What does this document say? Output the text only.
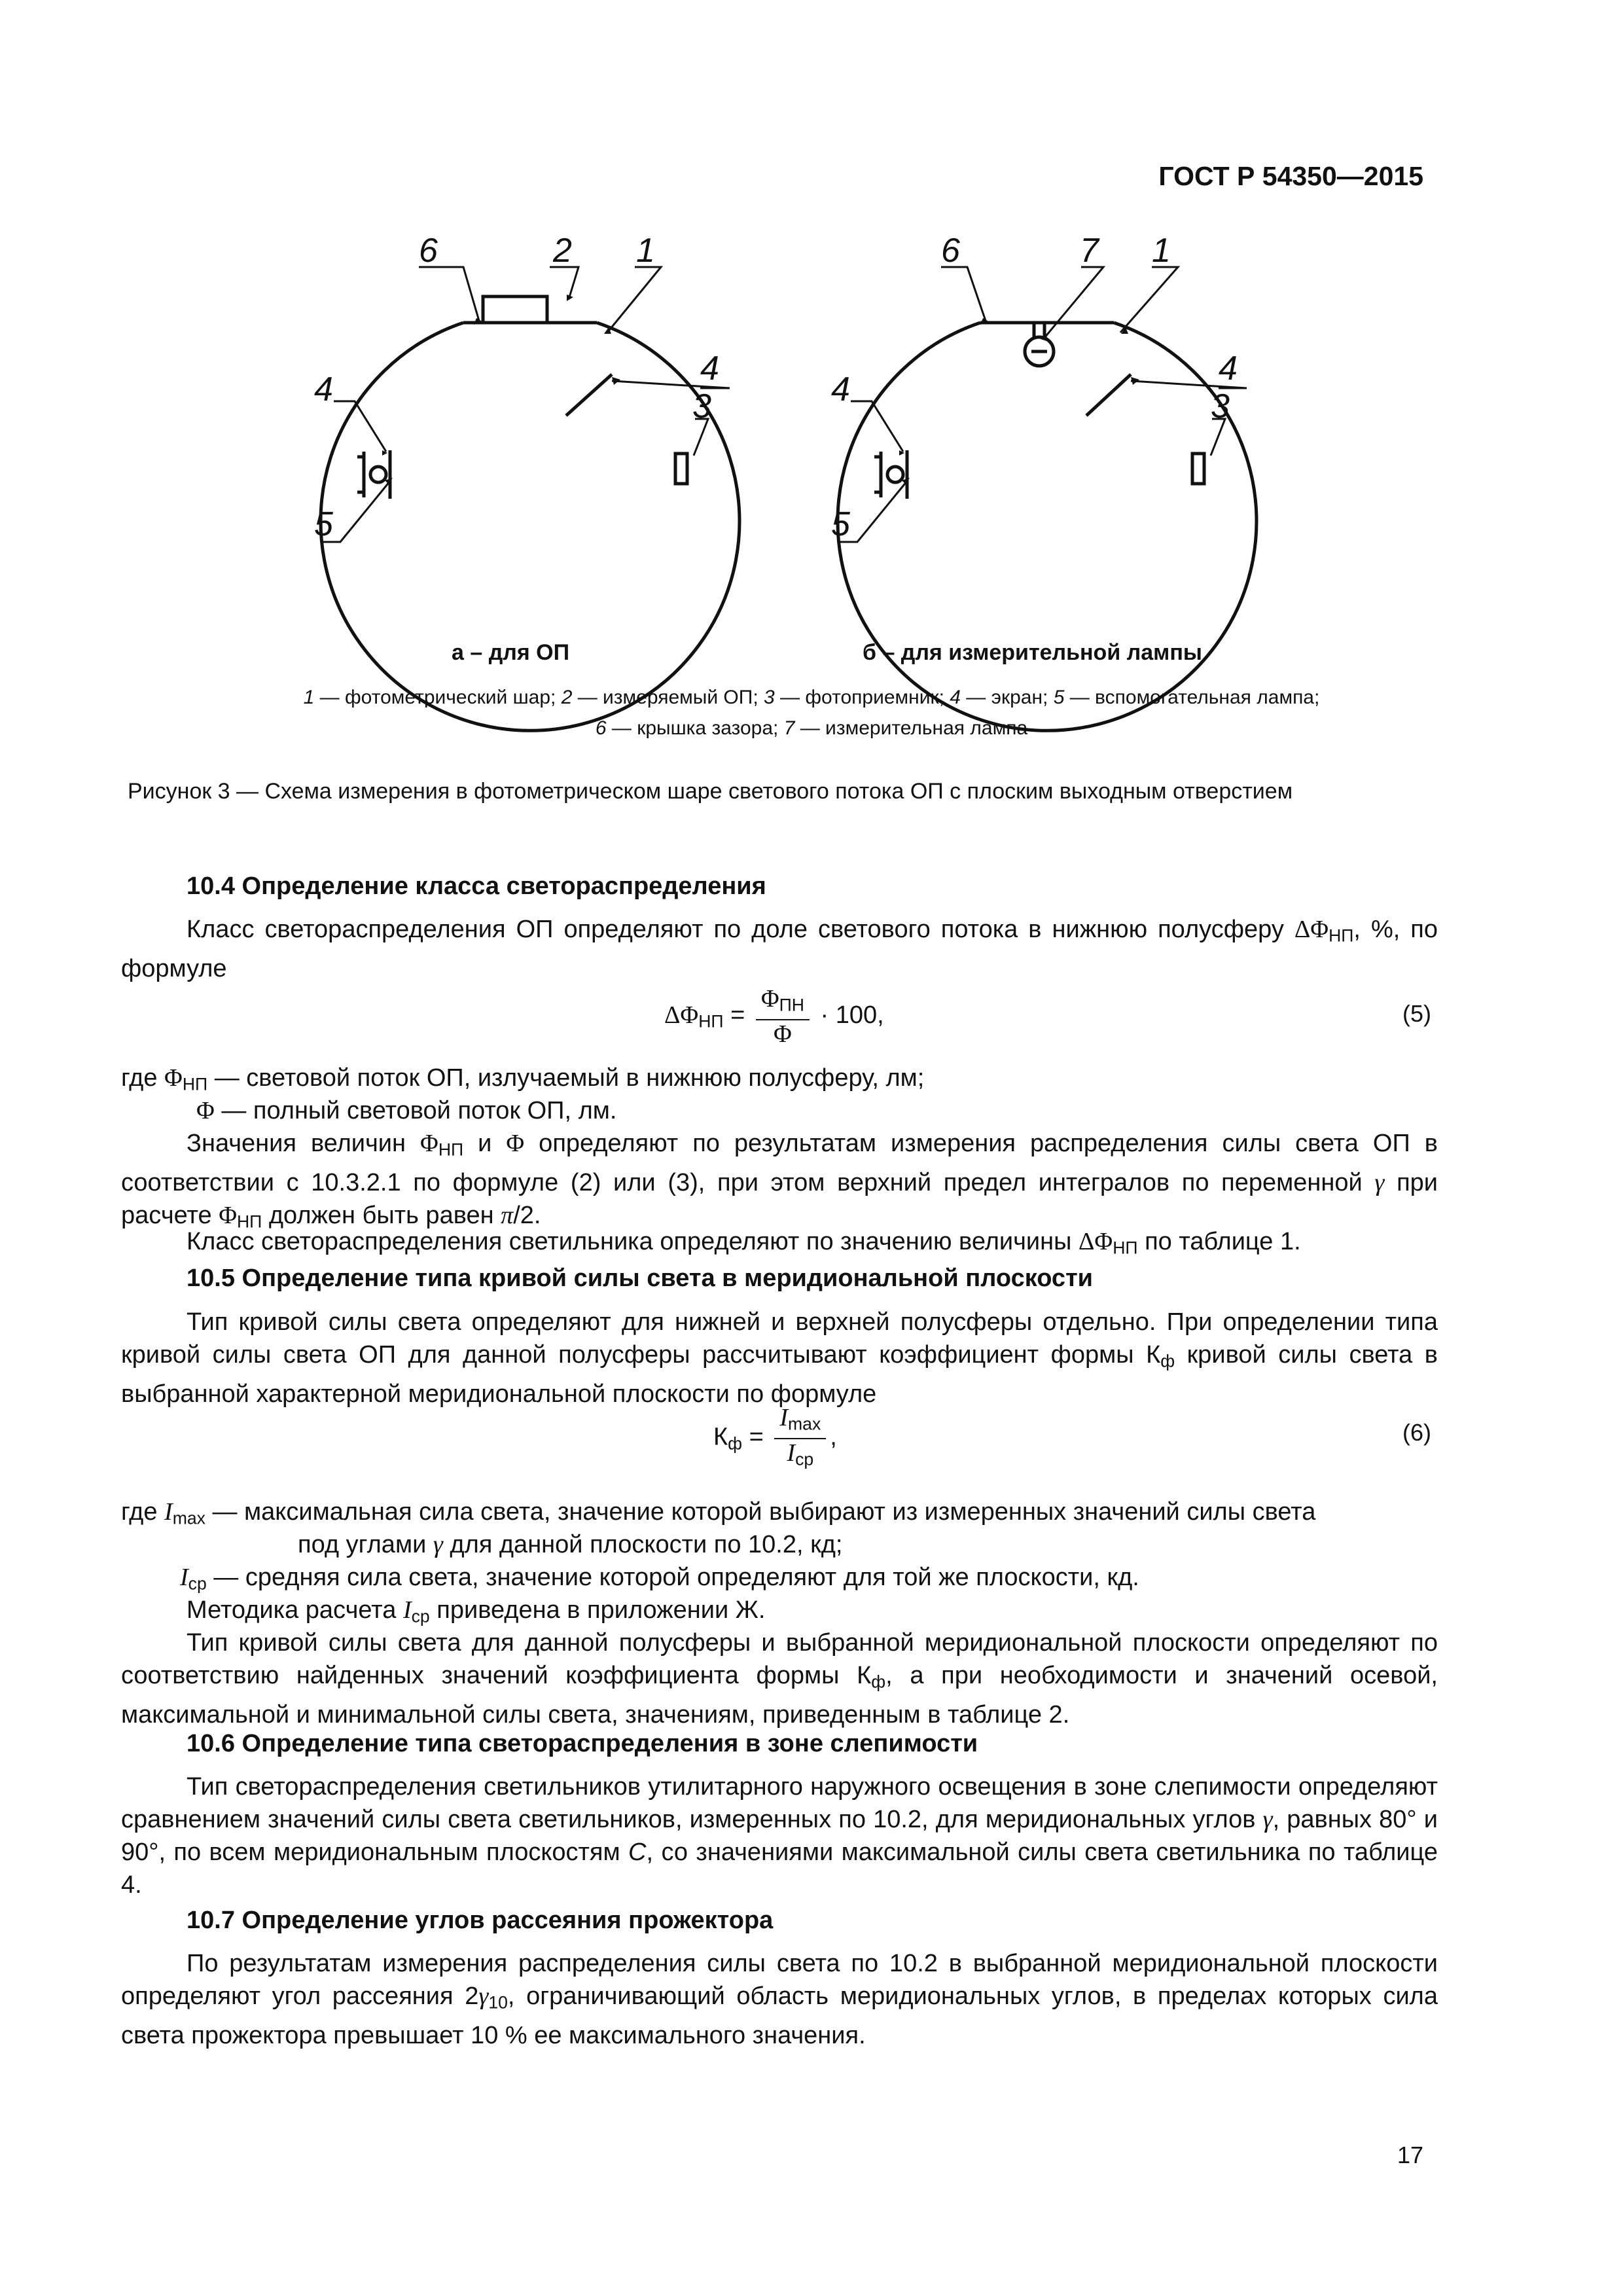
ГОСТ Р 54350—2015
6	2 1
4
4	3
5
6	7 1
4
4	3
5
а – для ОП	б – для измерительной лампы
1 — фотометрический шар; 2 — измеряемый ОП; 3 — фотоприемник; 4 — экран; 5 — вспомогательная лампа;
6 — крышка зазора; 7 — измерительная лампа
Рисунок 3 — Схема измерения в фотометрическом шаре светового потока ОП с плоским выходным отверстием
10.4 Определение класса светораспределения
Класс светораспределения ОП определяют по доле светового потока в нижнюю полусферу $\Delta\Phi_{НП}$, %, по формуле
$\Delta\Phi_{НП} = \frac{\Phi_{ПН}}{\Phi} \cdot 100$,	(5)
где $\Phi_{НП}$ — световой поток ОП, излучаемый в нижнюю полусферу, лм;
Φ — полный световой поток ОП, лм.
Значения величин $\Phi_{НП}$ и Φ определяют по результатам измерения распределения силы света ОП в соответствии с 10.3.2.1 по формуле (2) или (3), при этом верхний предел интегралов по переменной γ при расчете $\Phi_{НП}$ должен быть равен π/2.
Класс светораспределения светильника определяют по значению величины $\Delta\Phi_{НП}$ по таблице 1.
10.5 Определение типа кривой силы света в меридиональной плоскости
Тип кривой силы света определяют для нижней и верхней полусферы отдельно. При определении типа кривой силы света ОП для данной полусферы рассчитывают коэффициент формы $К_ф$ кривой силы света в выбранной характерной меридиональной плоскости по формуле
$К_ф = \frac{I_{max}}{I_{ср}}$ ,	(6)
где $I_{max}$ — максимальная сила света, значение которой выбирают из измеренных значений силы света
под углами γ для данной плоскости по 10.2, кд;
$I_{ср}$ — средняя сила света, значение которой определяют для той же плоскости, кд.
Методика расчета $I_{ср}$ приведена в приложении Ж.
Тип кривой силы света для данной полусферы и выбранной меридиональной плоскости определяют по соответствию найденных значений коэффициента формы $К_ф$, а при необходимости и значений осевой, максимальной и минимальной силы света, значениям, приведенным в таблице 2.
10.6 Определение типа светораспределения в зоне слепимости
Тип светораспределения светильников утилитарного наружного освещения в зоне слепимости определяют сравнением значений силы света светильников, измеренных по 10.2, для меридиональных углов γ, равных 80° и 90°, по всем меридиональным плоскостям С, со значениями максимальной силы света светильника по таблице 4.
10.7 Определение углов рассеяния прожектора
По результатам измерения распределения силы света по 10.2 в выбранной меридиональной плоскости определяют угол рассеяния $2\gamma_{10}$, ограничивающий область меридиональных углов, в пределах которых сила света прожектора превышает 10 % ее максимального значения.
17
